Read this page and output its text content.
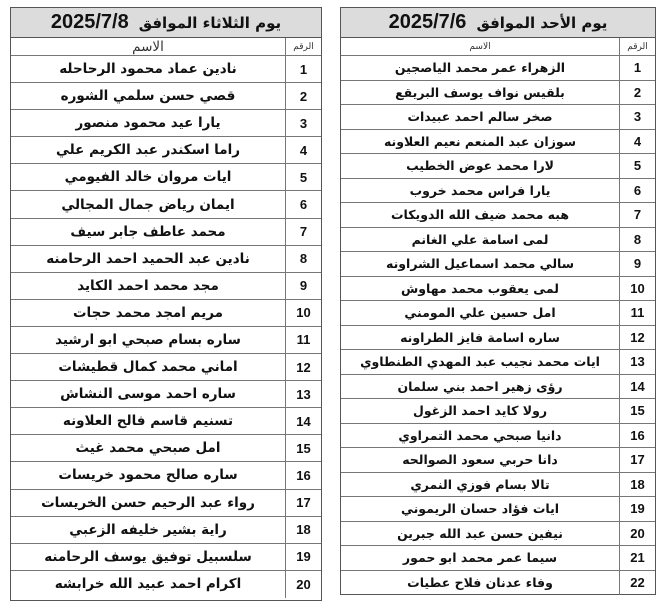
يوم الثلاثاء الموافق
2025/7/8
الرقم
الاسم
1
نادين عماد محمود الرحاحله
2
قصي حسن سلمي الشوره
3
يارا عيد محمود منصور
4
راما اسكندر عبد الكريم علي
5
ايات مروان خالد الفيومي
6
ايمان رياض جمال المجالي
7
محمد عاطف جابر سيف
8
نادين عبد الحميد احمد الرحامنه
9
مجد محمد احمد الكايد
10
مريم امجد محمد حجات
11
ساره بسام صبحي ابو ارشيد
12
اماني محمد كمال قطيشات
13
ساره احمد موسى النشاش
14
تسنيم قاسم فالح العلاونه
15
امل صبحي محمد غيث
16
ساره صالح محمود خريسات
17
رواء عبد الرحيم حسن الخريسات
18
راية بشير خليفه الزعبي
19
سلسبيل توفيق يوسف الرحامنه
20
اكرام احمد عبيد الله خرابشه
يوم الأحد الموافق
2025/7/6
الرقم
الاسم
1
الزهراء عمر محمد الياصجين
2
بلقيس نواف يوسف البريقع
3
صخر سالم احمد عبيدات
4
سوزان عبد المنعم نعيم العلاونه
5
لارا محمد عوض الخطيب
6
يارا فراس محمد خروب
7
هبه محمد ضيف الله الدويكات
8
لمى اسامة علي الغانم
9
سالي محمد اسماعيل الشراونه
10
لمى يعقوب محمد مهاوش
11
امل حسين علي المومني
12
ساره اسامة فايز الطراونه
13
ايات محمد نجيب عبد المهدي الطنطاوي
14
رؤى زهير احمد بني سلمان
15
رولا كايد احمد الزغول
16
دانيا صبحي محمد التمراوي
17
دانا حربي سعود الصوالحه
18
تالا بسام فوزي النمري
19
ايات فؤاد حسان الريموني
20
نيفين حسن عبد الله جبرين
21
سيما عمر محمد ابو حمور
22
وفاء عدنان فلاح عطيات
